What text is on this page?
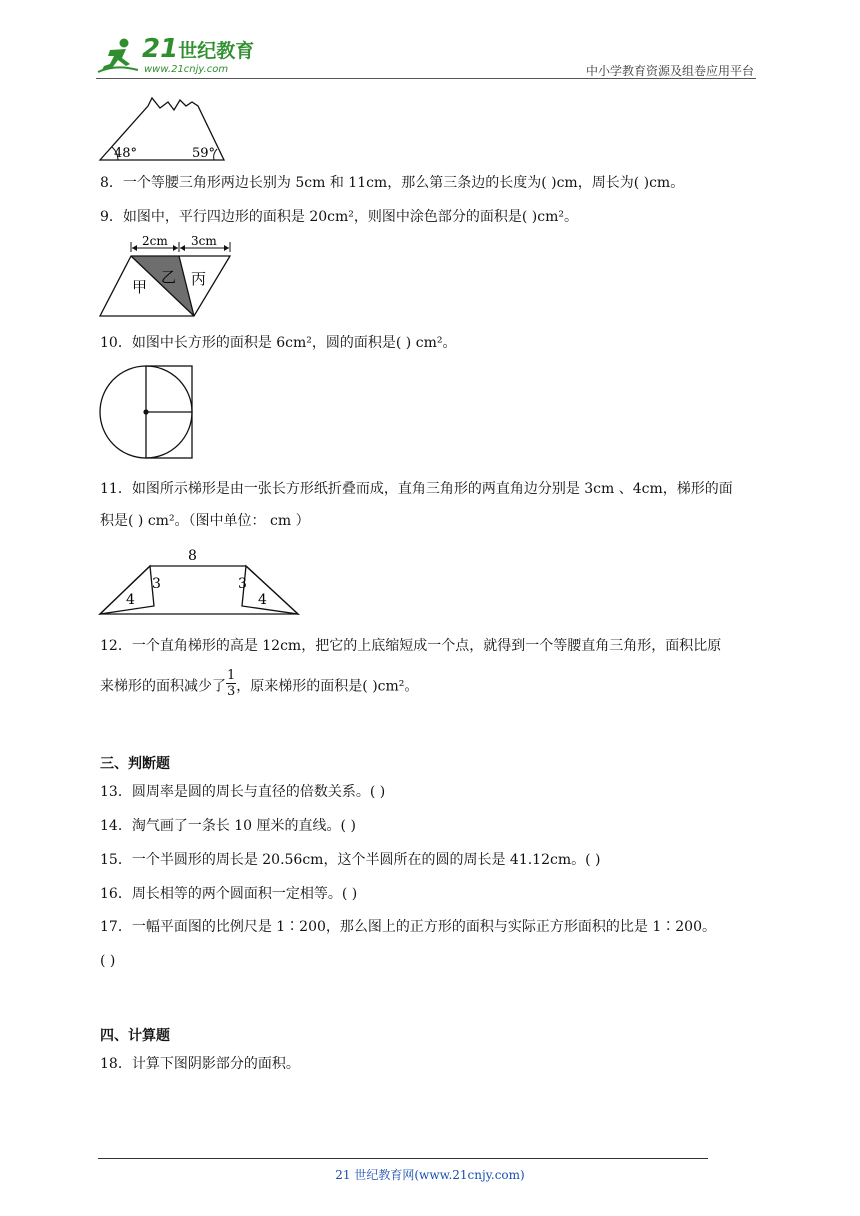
21世纪教育
www.21cnjy.com	中小学教育资源及组卷应用平台
48°	59°
8．一个等腰三角形两边长别为 5cm 和 11cm，那么第三条边的长度为( )cm，周长为( )cm。
9．如图中，平行四边形的面积是 20cm²，则图中涂色部分的面积是( )cm²。
2cm 3cm
甲
乙 丙
10．如图中长方形的面积是 6cm²，圆的面积是( ) cm²。
11．如图所示梯形是由一张长方形纸折叠而成，直角三角形的两直角边分别是 3cm 、4cm，梯形的面
积是( ) cm²。（图中单位： cm ）
8
3	3
4	4
12．一个直角梯形的高是 12cm，把它的上底缩短成一个点，就得到一个等腰直角三角形，面积比原
来梯形的面积减少了 $\frac{1}{3}$ ，原来梯形的面积是( )cm²。
三、判断题
13．圆周率是圆的周长与直径的倍数关系。( )
14．淘气画了一条长 10 厘米的直线。( )
15．一个半圆形的周长是 20.56cm，这个半圆所在的圆的周长是 41.12cm。( )
16．周长相等的两个圆面积一定相等。( )
17．一幅平面图的比例尺是 1∶200，那么图上的正方形的面积与实际正方形面积的比是 1∶200。
( )
四、计算题
18．计算下图阴影部分的面积。
21 世纪教育网(www.21cnjy.com)
